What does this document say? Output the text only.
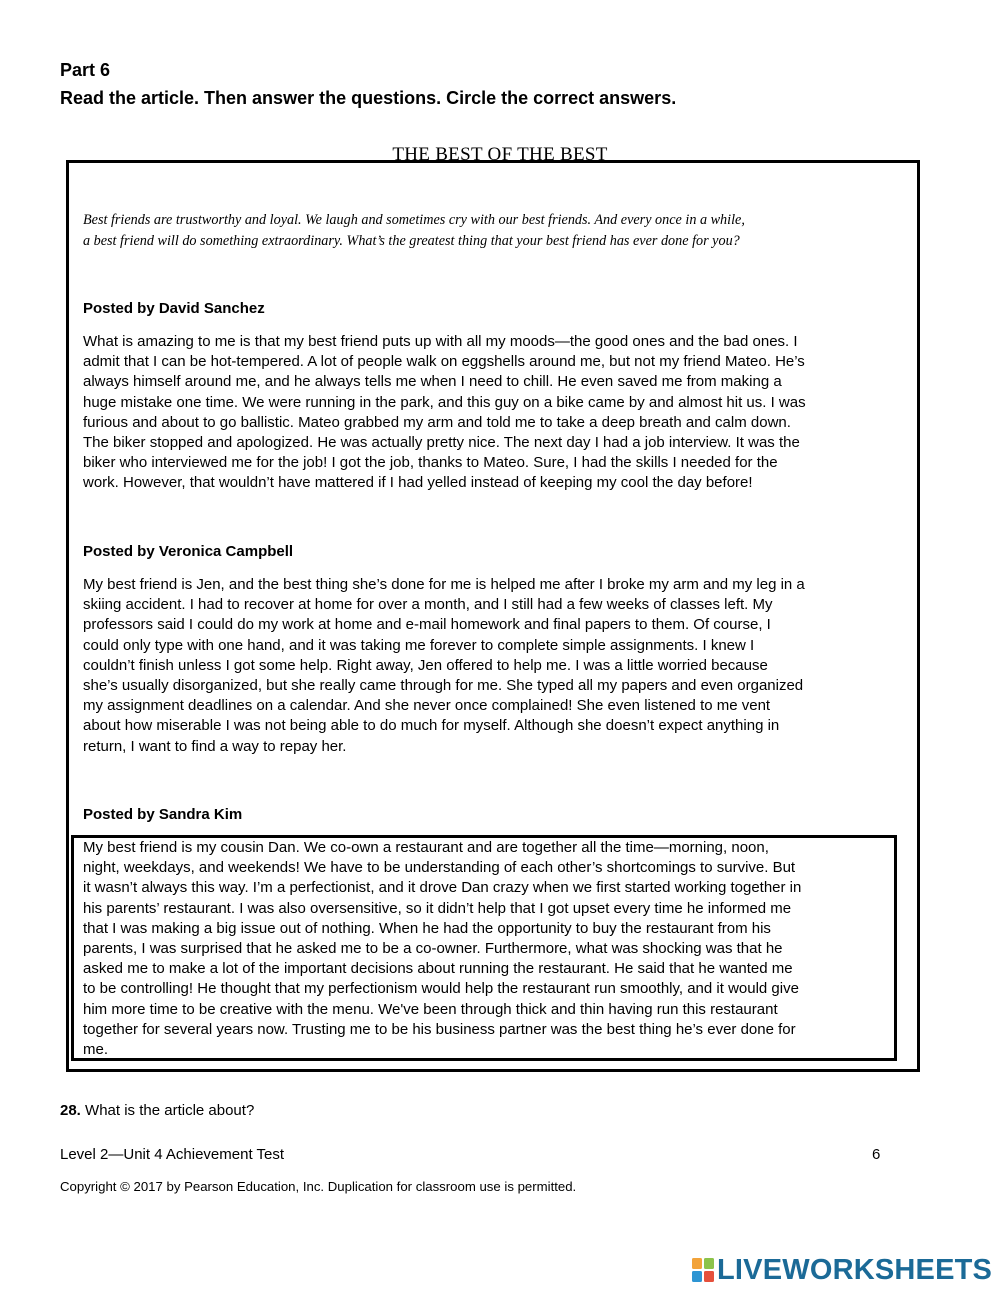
Part 6
Read the article. Then answer the questions. Circle the correct answers.
THE BEST OF THE BEST
Best friends are trustworthy and loyal. We laugh and sometimes cry with our best friends. And every once in a while,
a best friend will do something extraordinary. What’s the greatest thing that your best friend has ever done for you?
Posted by David Sanchez
What is amazing to me is that my best friend puts up with all my moods—the good ones and the bad ones. I
admit that I can be hot-tempered. A lot of people walk on eggshells around me, but not my friend Mateo. He’s
always himself around me, and he always tells me when I need to chill. He even saved me from making a
huge mistake one time. We were running in the park, and this guy on a bike came by and almost hit us. I was
furious and about to go ballistic. Mateo grabbed my arm and told me to take a deep breath and calm down.
The biker stopped and apologized. He was actually pretty nice. The next day I had a job interview. It was the
biker who interviewed me for the job! I got the job, thanks to Mateo. Sure, I had the skills I needed for the
work. However, that wouldn’t have mattered if I had yelled instead of keeping my cool the day before!
Posted by Veronica Campbell
My best friend is Jen, and the best thing she’s done for me is helped me after I broke my arm and my leg in a
skiing accident. I had to recover at home for over a month, and I still had a few weeks of classes left. My
professors said I could do my work at home and e-mail homework and final papers to them. Of course, I
could only type with one hand, and it was taking me forever to complete simple assignments. I knew I
couldn’t finish unless I got some help. Right away, Jen offered to help me. I was a little worried because
she’s usually disorganized, but she really came through for me. She typed all my papers and even organized
my assignment deadlines on a calendar. And she never once complained! She even listened to me vent
about how miserable I was not being able to do much for myself. Although she doesn’t expect anything in
return, I want to find a way to repay her.
Posted by Sandra Kim
My best friend is my cousin Dan. We co-own a restaurant and are together all the time—morning, noon,
night, weekdays, and weekends! We have to be understanding of each other’s shortcomings to survive. But
it wasn’t always this way. I’m a perfectionist, and it drove Dan crazy when we first started working together in
his parents’ restaurant. I was also oversensitive, so it didn’t help that I got upset every time he informed me
that I was making a big issue out of nothing. When he had the opportunity to buy the restaurant from his
parents, I was surprised that he asked me to be a co-owner. Furthermore, what was shocking was that he
asked me to make a lot of the important decisions about running the restaurant. He said that he wanted me
to be controlling! He thought that my perfectionism would help the restaurant run smoothly, and it would give
him more time to be creative with the menu. We've been through thick and thin having run this restaurant
together for several years now. Trusting me to be his business partner was the best thing he’s ever done for
me.
28. What is the article about?
Level 2—Unit 4 Achievement Test	6
Copyright © 2017 by Pearson Education, Inc. Duplication for classroom use is permitted.
LIVEWORKSHEETS
